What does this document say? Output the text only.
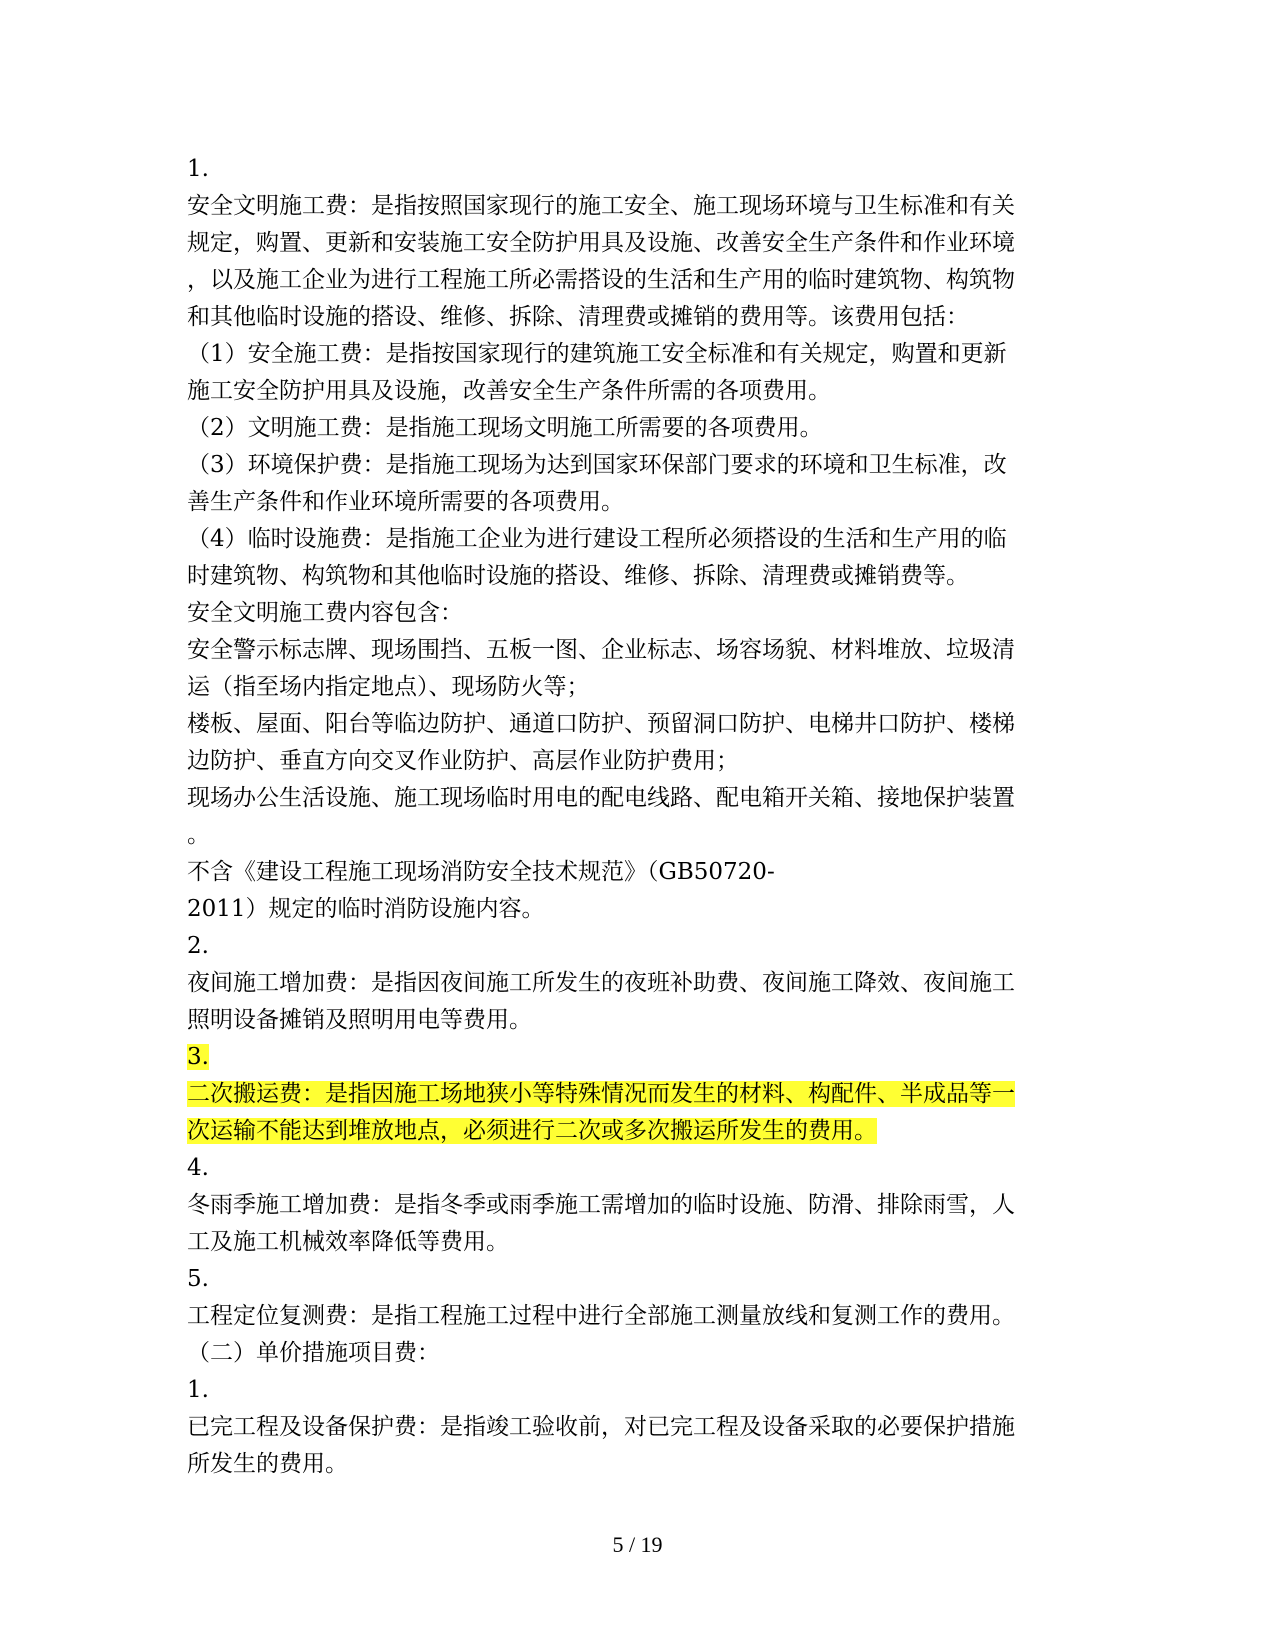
1.
安全文明施工费：是指按照国家现行的施工安全、施工现场环境与卫生标准和有关
规定，购置、更新和安装施工安全防护用具及设施、改善安全生产条件和作业环境
，以及施工企业为进行工程施工所必需搭设的生活和生产用的临时建筑物、构筑物
和其他临时设施的搭设、维修、拆除、清理费或摊销的费用等。该费用包括：
（1）安全施工费：是指按国家现行的建筑施工安全标准和有关规定，购置和更新
施工安全防护用具及设施，改善安全生产条件所需的各项费用。
（2）文明施工费：是指施工现场文明施工所需要的各项费用。
（3）环境保护费：是指施工现场为达到国家环保部门要求的环境和卫生标准，改
善生产条件和作业环境所需要的各项费用。
（4）临时设施费：是指施工企业为进行建设工程所必须搭设的生活和生产用的临
时建筑物、构筑物和其他临时设施的搭设、维修、拆除、清理费或摊销费等。
安全文明施工费内容包含：
安全警示标志牌、现场围挡、五板一图、企业标志、场容场貌、材料堆放、垃圾清
运（指至场内指定地点）、现场防火等；
楼板、屋面、阳台等临边防护、通道口防护、预留洞口防护、电梯井口防护、楼梯
边防护、垂直方向交叉作业防护、高层作业防护费用；
现场办公生活设施、施工现场临时用电的配电线路、配电箱开关箱、接地保护装置
。
不含《建设工程施工现场消防安全技术规范》（GB50720-
2011）规定的临时消防设施内容。
2.
夜间施工增加费：是指因夜间施工所发生的夜班补助费、夜间施工降效、夜间施工
照明设备摊销及照明用电等费用。
3.
二次搬运费：是指因施工场地狭小等特殊情况而发生的材料、构配件、半成品等一
次运输不能达到堆放地点，必须进行二次或多次搬运所发生的费用。
4.
冬雨季施工增加费：是指冬季或雨季施工需增加的临时设施、防滑、排除雨雪，人
工及施工机械效率降低等费用。
5.
工程定位复测费：是指工程施工过程中进行全部施工测量放线和复测工作的费用。
（二）单价措施项目费：
1.
已完工程及设备保护费：是指竣工验收前，对已完工程及设备采取的必要保护措施
所发生的费用。
5 / 19
